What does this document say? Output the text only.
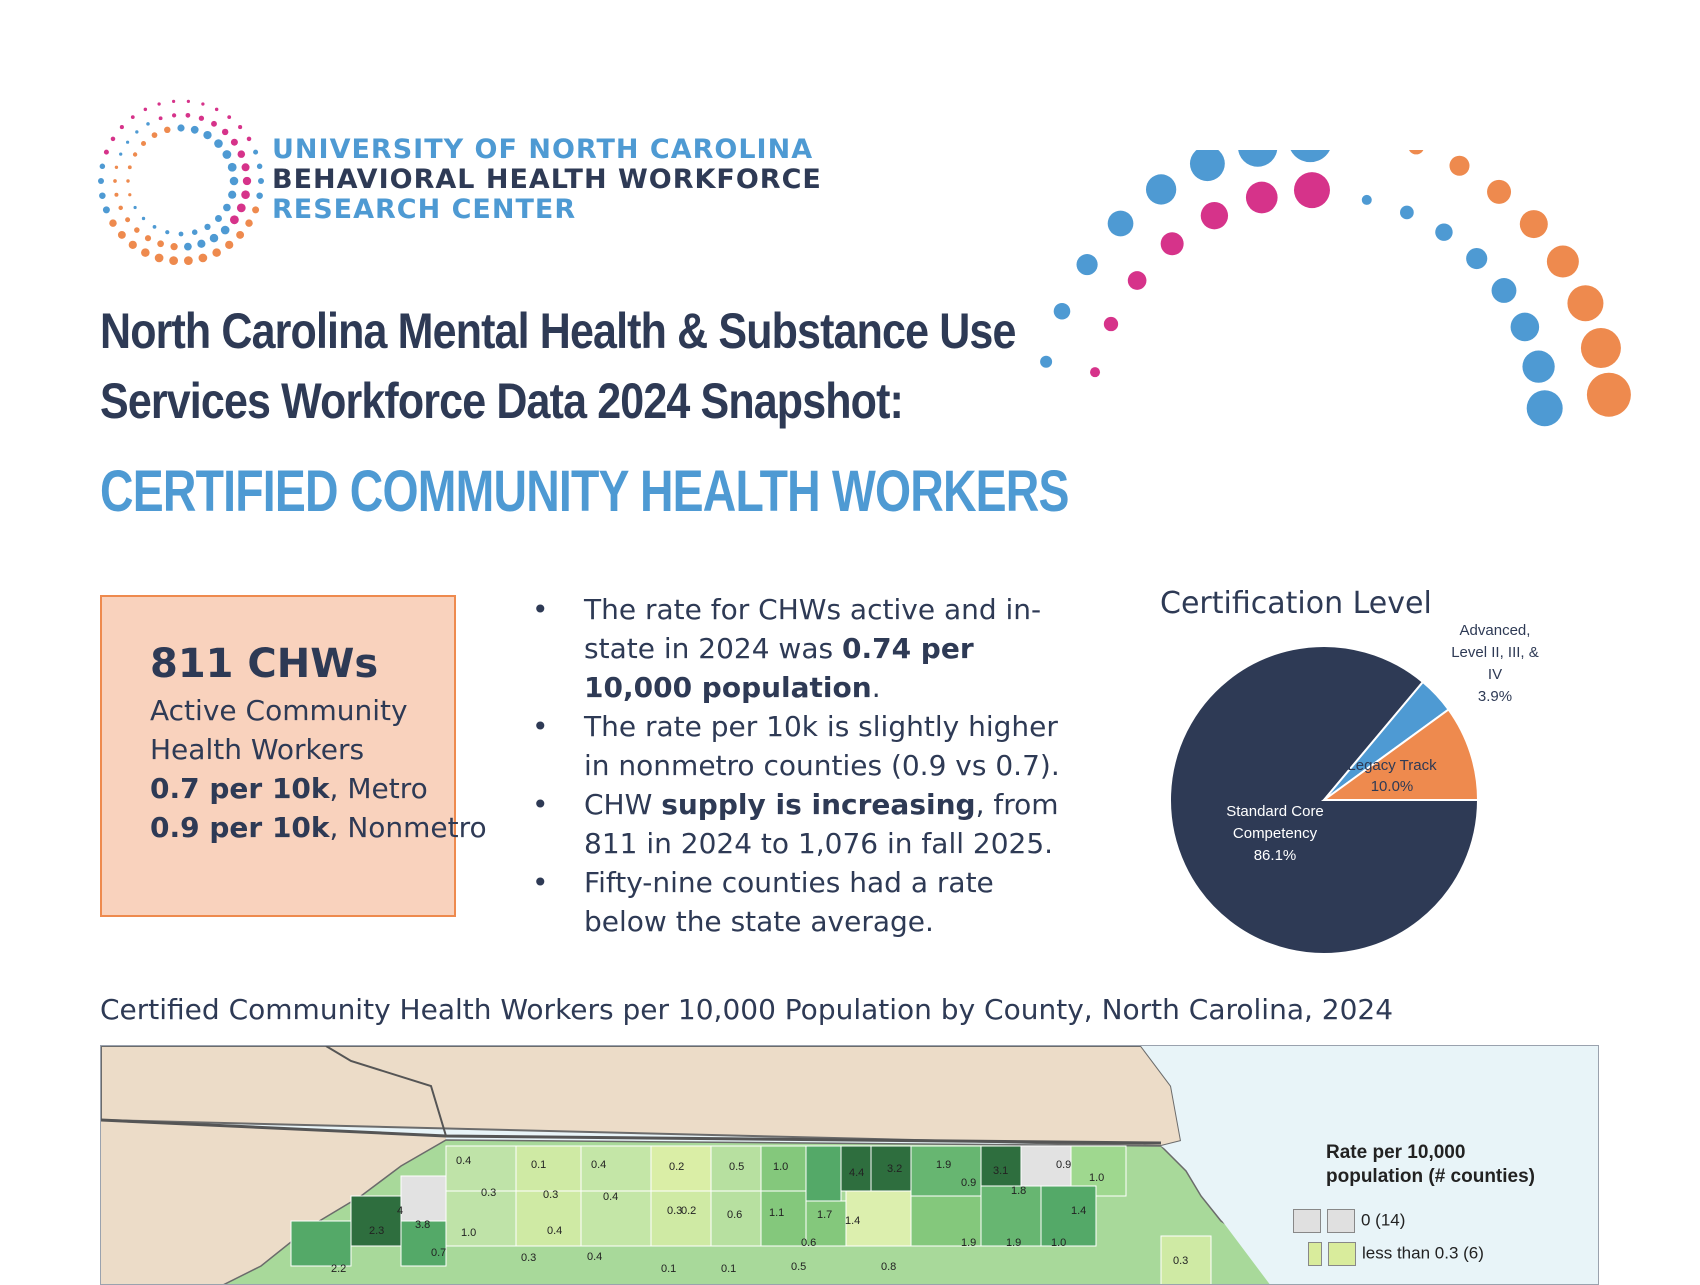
UNIVERSITY OF NORTH CAROLINA
BEHAVIORAL HEALTH WORKFORCE
RESEARCH CENTER
North Carolina Mental Health & Substance Use
Services Workforce Data 2024 Snapshot:
CERTIFIED COMMUNITY HEALTH WORKERS
811 CHWs
Active Community
Health Workers
0.7 per 10k, Metro
0.9 per 10k, Nonmetro
• The rate for CHWs active and in-state in 2024 was 0.74 per 10,000 population.
• The rate per 10k is slightly higher in nonmetro counties (0.9 vs 0.7).
• CHW supply is increasing, from 811 in 2024 to 1,076 in fall 2025.
• Fifty-nine counties had a rate below the state average.
Certification Level
Standard Core
Competency
86.1%
Legacy Track
10.0%
Advanced,
Level II, III, &
IV
3.9%
Certified Community Health Workers per 10,000 Population by County, North Carolina, 2024
0.4	0.1	0.4	0.2	0.5	1.0	4.4 3.2	1.9	3.1	0.9
1.0
0.3	0.3	0.4
0.3	0.6 1.1	1.7 1.4
0.9
1.8
1.4
2.3	3.8
1.0	0.4
0.2
0.6	1.9	1.9	1.0
0.3
0.7	0.3	0.4
0.1	0.1	0.5	0.8
2.2
4
Rate per 10,000
population (# counties)
0 (14)
less than 0.3 (6)
